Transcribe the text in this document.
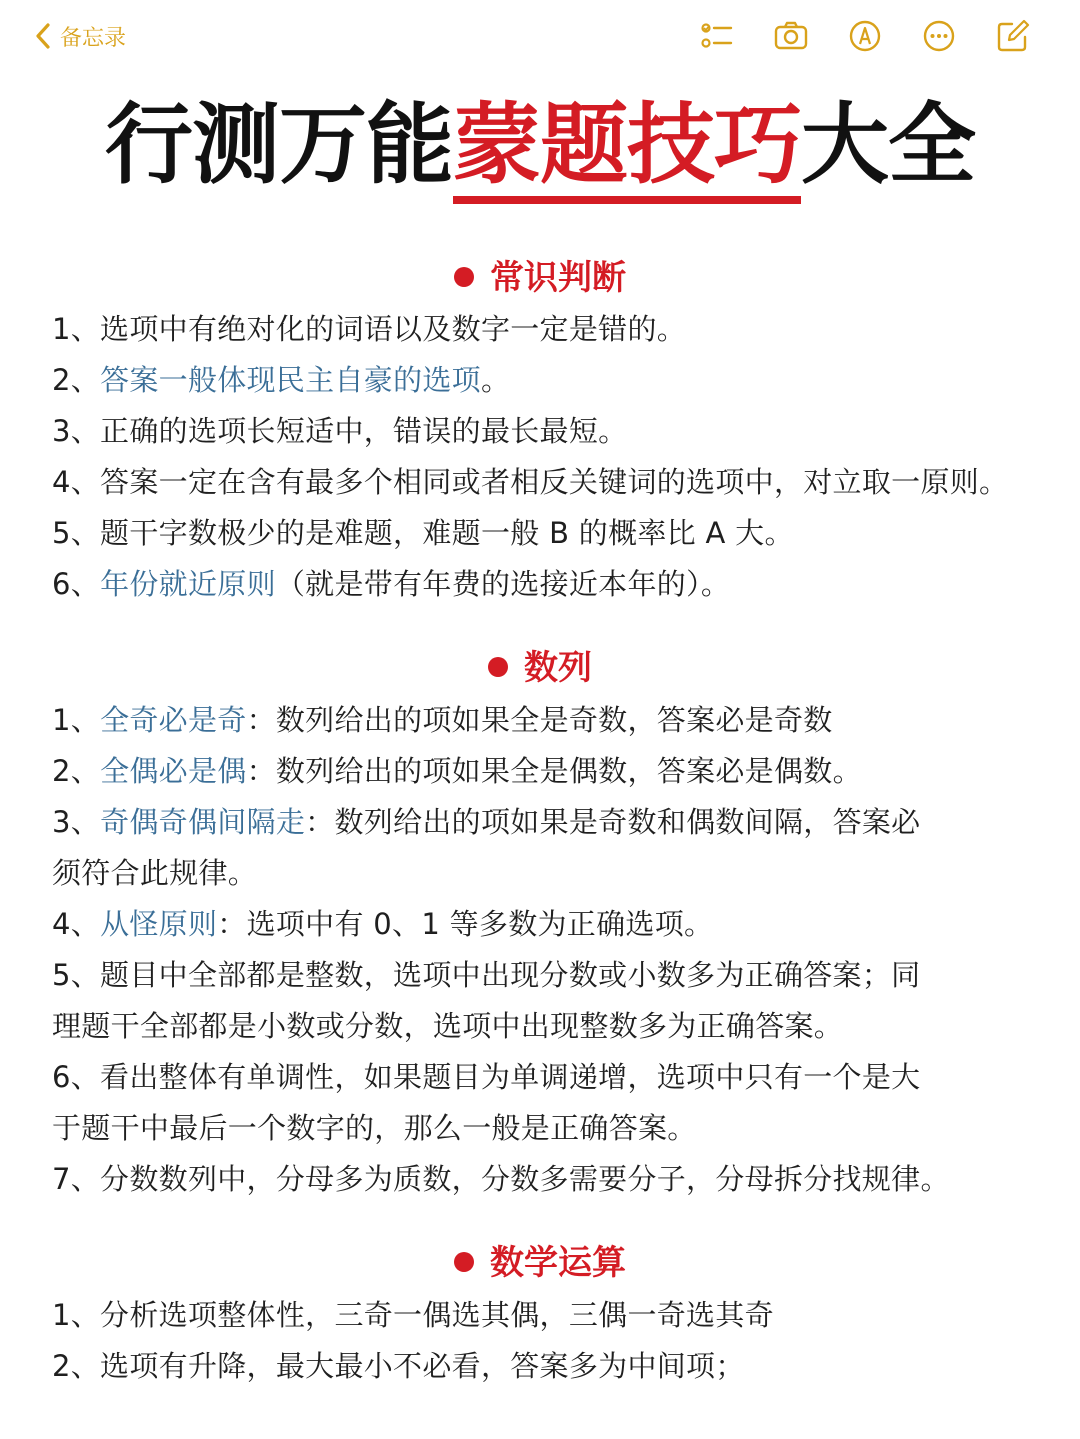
备忘录
行测万能蒙题技巧大全
常识判断
1、选项中有绝对化的词语以及数字一定是错的。
2、答案一般体现民主自豪的选项。
3、正确的选项长短适中，错误的最长最短。
4、答案一定在含有最多个相同或者相反关键词的选项中，对立取一原则。
5、题干字数极少的是难题，难题一般 B 的概率比 A 大。
6、年份就近原则（就是带有年费的选接近本年的）。
数列
1、全奇必是奇：数列给出的项如果全是奇数，答案必是奇数
2、全偶必是偶：数列给出的项如果全是偶数，答案必是偶数。
3、奇偶奇偶间隔走：数列给出的项如果是奇数和偶数间隔，答案必
须符合此规律。
4、从怪原则：选项中有 0、1 等多数为正确选项。
5、题目中全部都是整数，选项中出现分数或小数多为正确答案；同
理题干全部都是小数或分数，选项中出现整数多为正确答案。
6、看出整体有单调性，如果题目为单调递增，选项中只有一个是大
于题干中最后一个数字的，那么一般是正确答案。
7、分数数列中，分母多为质数，分数多需要分子，分母拆分找规律。
数学运算
1、分析选项整体性，三奇一偶选其偶，三偶一奇选其奇
2、选项有升降，最大最小不必看，答案多为中间项；
